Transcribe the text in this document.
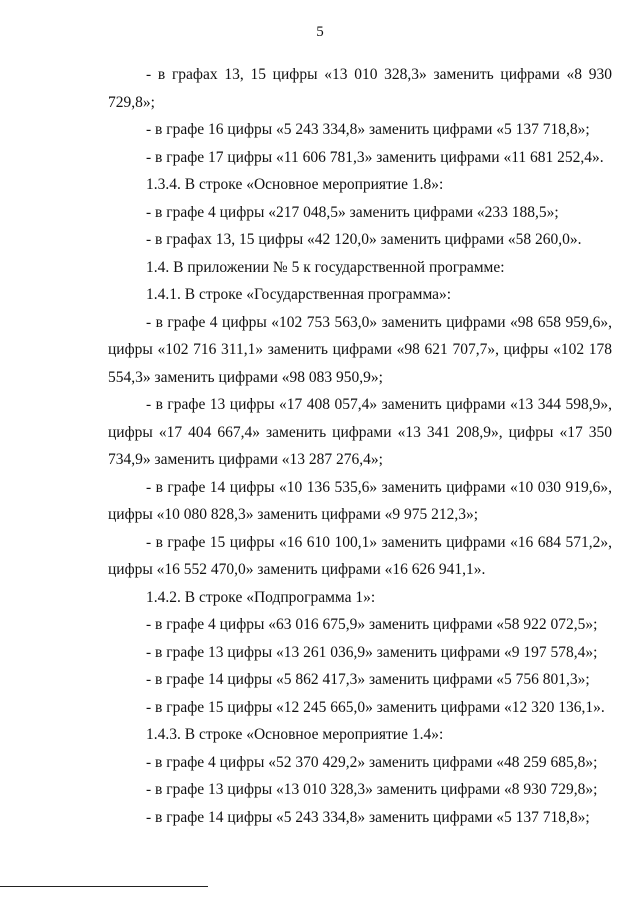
5

- в графах 13, 15 цифры «13 010 328,3» заменить цифрами «8 930 729,8»;

- в графе 16 цифры «5 243 334,8» заменить цифрами «5 137 718,8»;

- в графе 17 цифры «11 606 781,3» заменить цифрами «11 681 252,4».

1.3.4. В строке «Основное мероприятие 1.8»:

- в графе 4 цифры «217 048,5» заменить цифрами «233 188,5»;

- в графах 13, 15 цифры «42 120,0» заменить цифрами «58 260,0».

1.4. В приложении № 5 к государственной программе:

1.4.1. В строке «Государственная программа»:

- в графе 4 цифры «102 753 563,0» заменить цифрами «98 658 959,6», цифры «102 716 311,1» заменить цифрами «98 621 707,7», цифры «102 178 554,3» заменить цифрами «98 083 950,9»;

- в графе 13 цифры «17 408 057,4» заменить цифрами «13 344 598,9», цифры «17 404 667,4» заменить цифрами «13 341 208,9», цифры «17 350 734,9» заменить цифрами «13 287 276,4»;

- в графе 14 цифры «10 136 535,6» заменить цифрами «10 030 919,6», цифры «10 080 828,3» заменить цифрами «9 975 212,3»;

- в графе 15 цифры «16 610 100,1» заменить цифрами «16 684 571,2», цифры «16 552 470,0» заменить цифрами «16 626 941,1».

1.4.2. В строке «Подпрограмма 1»:

- в графе 4 цифры «63 016 675,9» заменить цифрами «58 922 072,5»;

- в графе 13 цифры «13 261 036,9» заменить цифрами «9 197 578,4»;

- в графе 14 цифры «5 862 417,3» заменить цифрами «5 756 801,3»;

- в графе 15 цифры «12 245 665,0» заменить цифрами «12 320 136,1».

1.4.3. В строке «Основное мероприятие 1.4»:

- в графе 4 цифры «52 370 429,2» заменить цифрами «48 259 685,8»;

- в графе 13 цифры «13 010 328,3» заменить цифрами «8 930 729,8»;

- в графе 14 цифры «5 243 334,8» заменить цифрами «5 137 718,8»;
